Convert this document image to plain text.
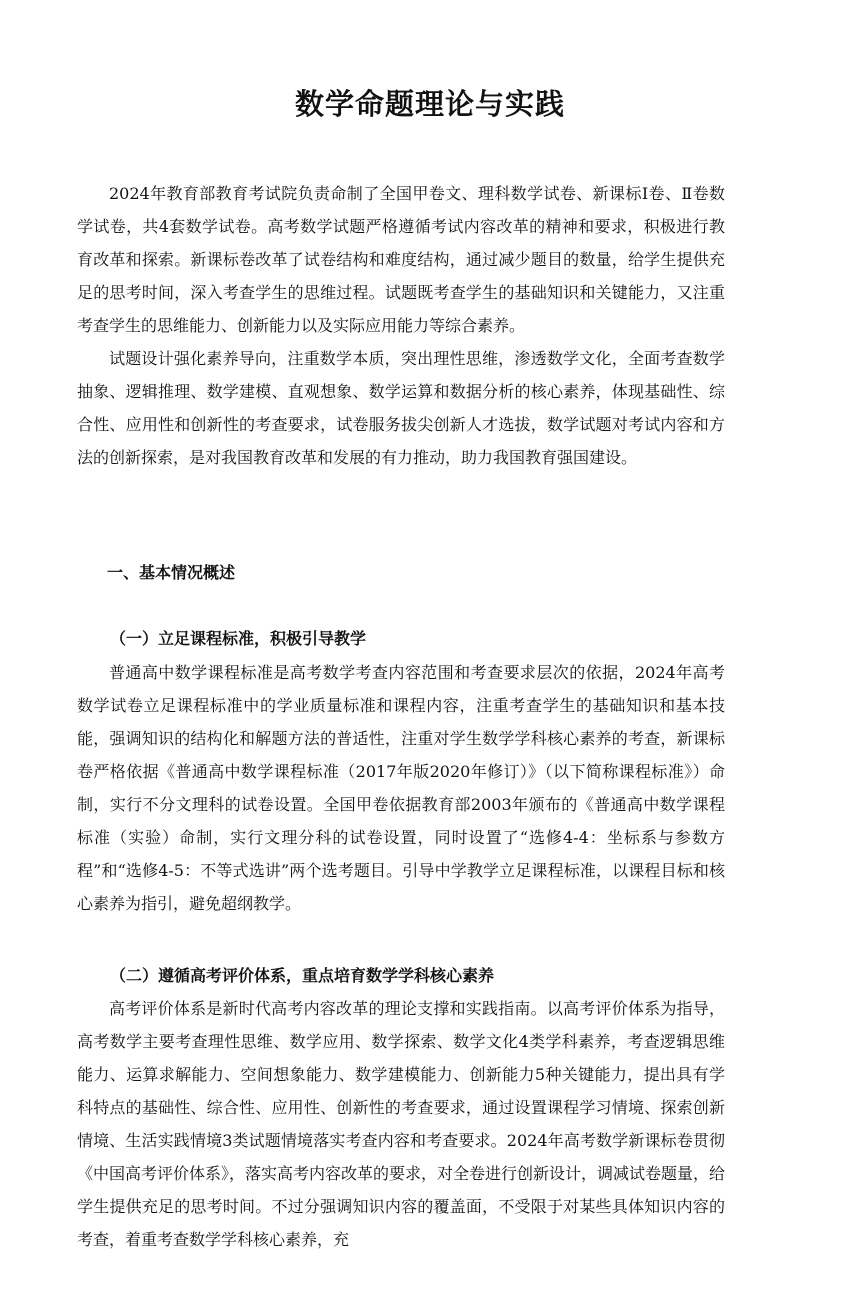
数学命题理论与实践

2024年教育部教育考试院负责命制了全国甲卷文、理科数学试卷、新课标Ⅰ卷、Ⅱ卷数学试卷，共4套数学试卷。高考数学试题严格遵循考试内容改革的精神和要求，积极进行教育改革和探索。新课标卷改革了试卷结构和难度结构，通过减少题目的数量，给学生提供充足的思考时间，深入考查学生的思维过程。试题既考查学生的基础知识和关键能力，又注重考查学生的思维能力、创新能力以及实际应用能力等综合素养。

试题设计强化素养导向，注重数学本质，突出理性思维，渗透数学文化，全面考查数学抽象、逻辑推理、数学建模、直观想象、数学运算和数据分析的核心素养，体现基础性、综合性、应用性和创新性的考查要求，试卷服务拔尖创新人才选拔，数学试题对考试内容和方法的创新探索，是对我国教育改革和发展的有力推动，助力我国教育强国建设。

一、基本情况概述
（一）立足课程标准，积极引导教学

普通高中数学课程标准是高考数学考查内容范围和考查要求层次的依据，2024年高考数学试卷立足课程标准中的学业质量标准和课程内容，注重考查学生的基础知识和基本技能，强调知识的结构化和解题方法的普适性，注重对学生数学学科核心素养的考查，新课标卷严格依据《普通高中数学课程标准（2017年版2020年修订）》（以下简称课程标准》）命制，实行不分文理科的试卷设置。全国甲卷依据教育部2003年颁布的《普通高中数学课程标准（实验）命制，实行文理分科的试卷设置，同时设置了“选修4-4：坐标系与参数方程”和“选修4-5：不等式选讲”两个选考题目。引导中学教学立足课程标准，以课程目标和核心素养为指引，避免超纲教学。

（二）遵循高考评价体系，重点培育数学学科核心素养

高考评价体系是新时代高考内容改革的理论支撑和实践指南。以高考评价体系为指导，高考数学主要考查理性思维、数学应用、数学探索、数学文化4类学科素养，考查逻辑思维能力、运算求解能力、空间想象能力、数学建模能力、创新能力5种关键能力，提出具有学科特点的基础性、综合性、应用性、创新性的考查要求，通过设置课程学习情境、探索创新情境、生活实践情境3类试题情境落实考查内容和考查要求。2024年高考数学新课标卷贯彻《中国高考评价体系》，落实高考内容改革的要求，对全卷进行创新设计，调减试卷题量，给学生提供充足的思考时间。不过分强调知识内容的覆盖面，不受限于对某些具体知识内容的考查，着重考查数学学科核心素养，充
